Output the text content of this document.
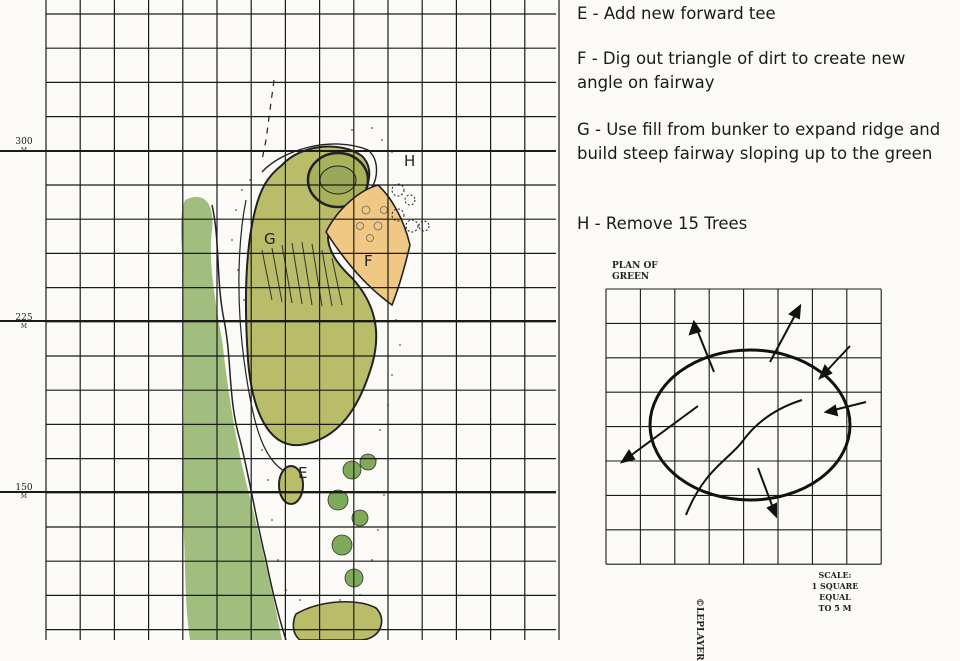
E - Add new forward tee
F - Dig out triangle of dirt to create new angle on fairway
G - Use fill from bunker to expand ridge and build steep fairway sloping up to the green
H - Remove 15 Trees
300
M
225
M
150
M
G
F
H
E
PLAN OF
GREEN
SCALE:
1 SQUARE
EQUAL
TO 5 M
©LEPLAYER
